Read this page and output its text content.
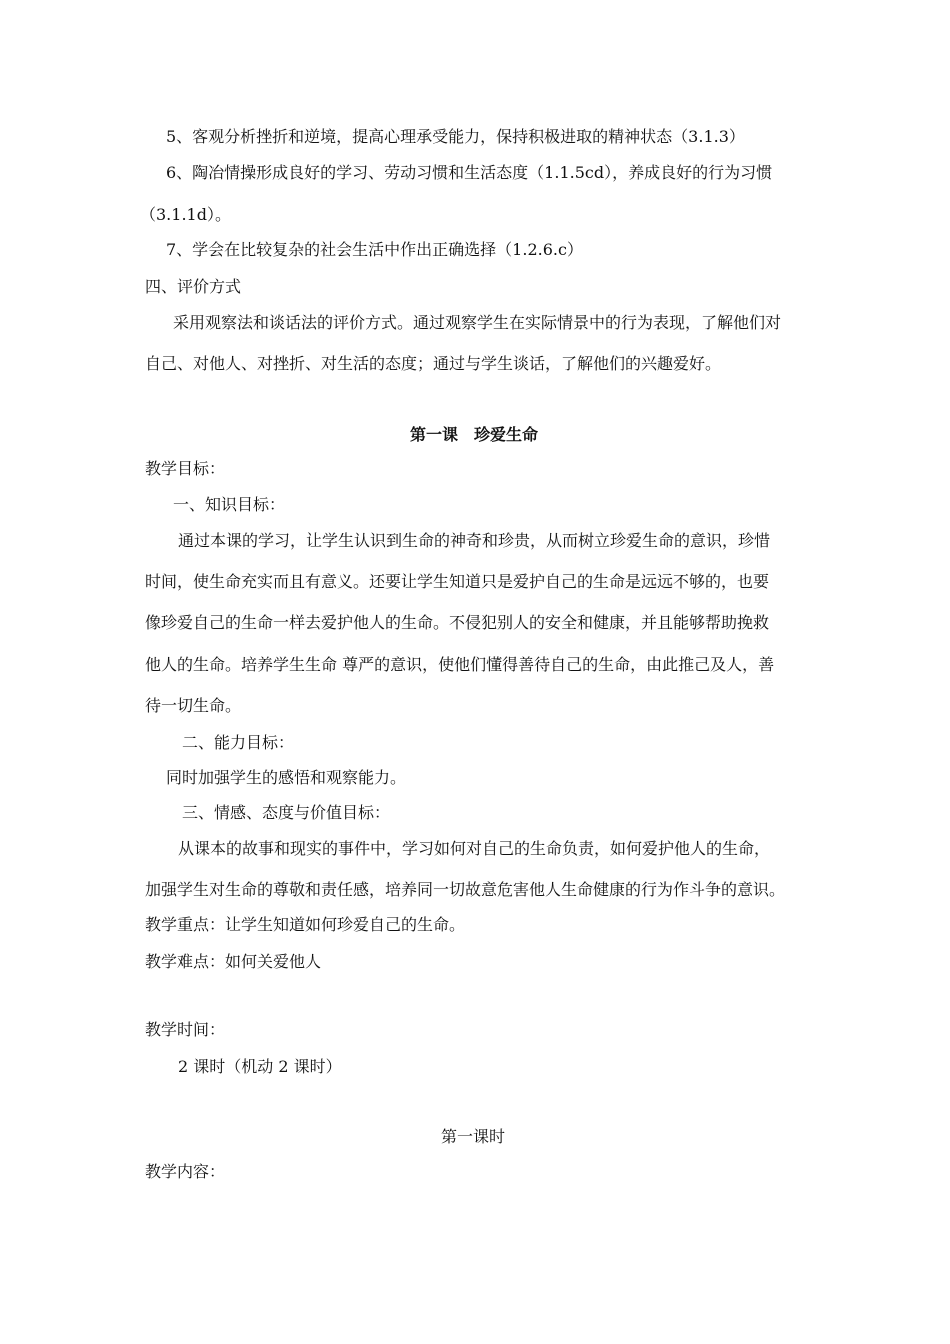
5、客观分析挫折和逆境，提高心理承受能力，保持积极进取的精神状态（3.1.3）
6、陶冶情操形成良好的学习、劳动习惯和生活态度（1.1.5cd），养成良好的行为习惯
（3.1.1d）。
7、学会在比较复杂的社会生活中作出正确选择（1.2.6.c）
四、评价方式
采用观察法和谈话法的评价方式。通过观察学生在实际情景中的行为表现，了解他们对
自己、对他人、对挫折、对生活的态度；通过与学生谈话，了解他们的兴趣爱好。
第一课　珍爱生命
教学目标：
一、知识目标：
通过本课的学习，让学生认识到生命的神奇和珍贵，从而树立珍爱生命的意识，珍惜
时间，使生命充实而且有意义。还要让学生知道只是爱护自己的生命是远远不够的，也要
像珍爱自己的生命一样去爱护他人的生命。不侵犯别人的安全和健康，并且能够帮助挽救
他人的生命。培养学生生命 尊严的意识，使他们懂得善待自己的生命，由此推己及人，善
待一切生命。
二、能力目标：
同时加强学生的感悟和观察能力。
三、情感、态度与价值目标：
从课本的故事和现实的事件中，学习如何对自己的生命负责，如何爱护他人的生命，
加强学生对生命的尊敬和责任感，培养同一切故意危害他人生命健康的行为作斗争的意识。
教学重点：让学生知道如何珍爱自己的生命。
教学难点：如何关爱他人
教学时间：
2 课时（机动 2 课时）
第一课时
教学内容：
